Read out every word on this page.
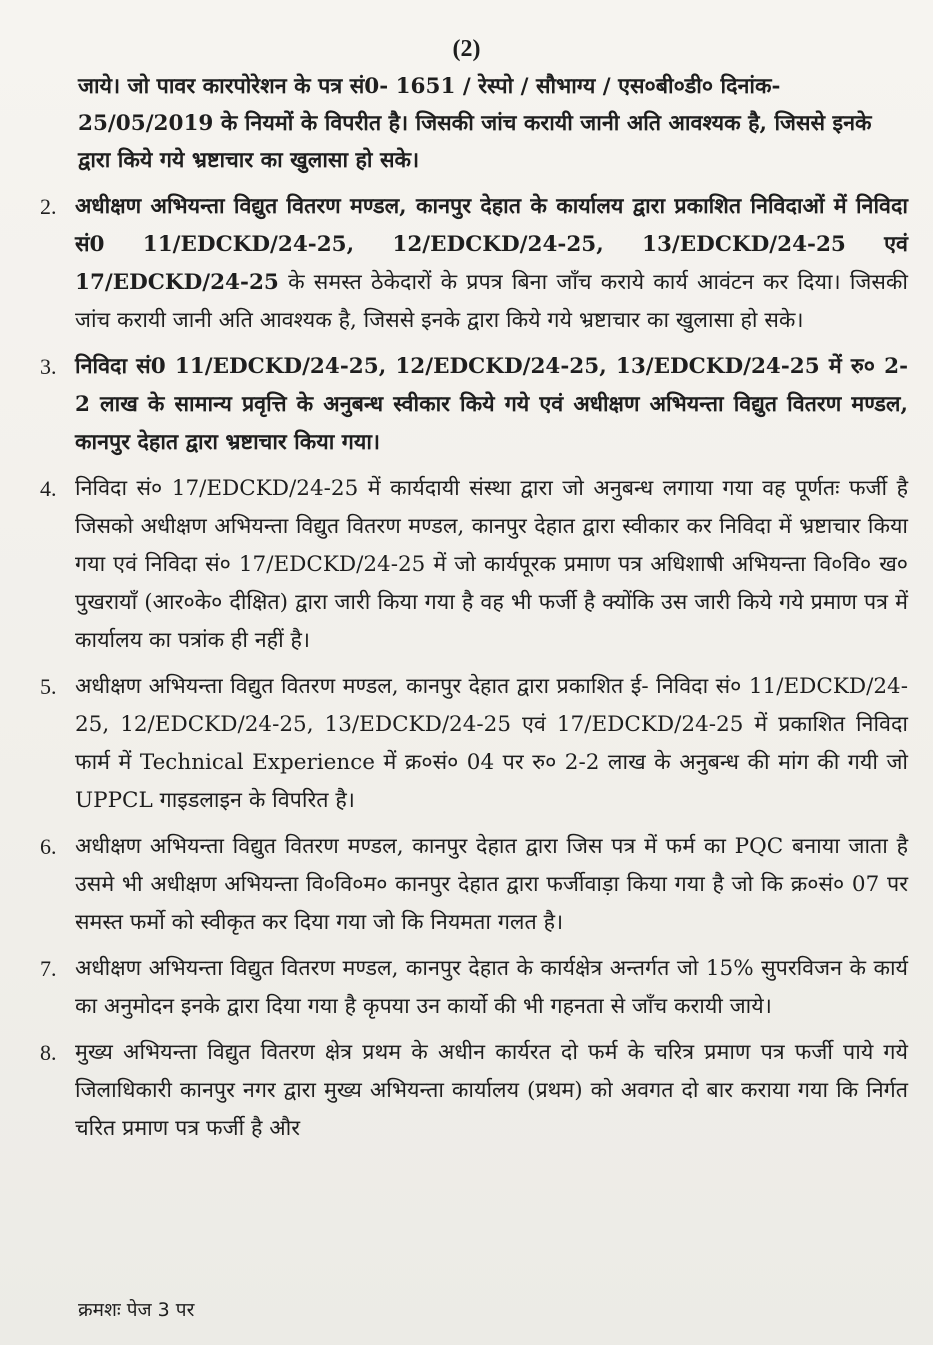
(2)
जाये। जो पावर कारपोरेशन के पत्र सं0- 1651 / रेस्पो / सौभाग्य / एस०बी०डी० दिनांक- 25/05/2019 के नियमों के विपरीत है। जिसकी जांच करायी जानी अति आवश्यक है, जिससे इनके द्वारा किये गये भ्रष्टाचार का खुलासा हो सके।
2. अधीक्षण अभियन्ता विद्युत वितरण मण्डल, कानपुर देहात के कार्यालय द्वारा प्रकाशित निविदाओं में निविदा सं0 11/EDCKD/24-25, 12/EDCKD/24-25, 13/EDCKD/24-25 एवं 17/EDCKD/24-25 के समस्त ठेकेदारों के प्रपत्र बिना जाँच कराये कार्य आवंटन कर दिया। जिसकी जांच करायी जानी अति आवश्यक है, जिससे इनके द्वारा किये गये भ्रष्टाचार का खुलासा हो सके।
3. निविदा सं0 11/EDCKD/24-25, 12/EDCKD/24-25, 13/EDCKD/24-25 में रु० 2-2 लाख के सामान्य प्रवृत्ति के अनुबन्ध स्वीकार किये गये एवं अधीक्षण अभियन्ता विद्युत वितरण मण्डल, कानपुर देहात द्वारा भ्रष्टाचार किया गया।
4. निविदा सं० 17/EDCKD/24-25 में कार्यदायी संस्था द्वारा जो अनुबन्ध लगाया गया वह पूर्णतः फर्जी है जिसको अधीक्षण अभियन्ता विद्युत वितरण मण्डल, कानपुर देहात द्वारा स्वीकार कर निविदा में भ्रष्टाचार किया गया एवं निविदा सं० 17/EDCKD/24-25 में जो कार्यपूरक प्रमाण पत्र अधिशाषी अभियन्ता वि०वि० ख० पुखरायाँ (आर०के० दीक्षित) द्वारा जारी किया गया है वह भी फर्जी है क्योंकि उस जारी किये गये प्रमाण पत्र में कार्यालय का पत्रांक ही नहीं है।
5. अधीक्षण अभियन्ता विद्युत वितरण मण्डल, कानपुर देहात द्वारा प्रकाशित ई- निविदा सं० 11/EDCKD/24-25, 12/EDCKD/24-25, 13/EDCKD/24-25 एवं 17/EDCKD/24-25 में प्रकाशित निविदा फार्म में Technical Experience में क्र०सं० 04 पर रु० 2-2 लाख के अनुबन्ध की मांग की गयी जो UPPCL गाइडलाइन के विपरित है।
6. अधीक्षण अभियन्ता विद्युत वितरण मण्डल, कानपुर देहात द्वारा जिस पत्र में फर्म का PQC बनाया जाता है उसमे भी अधीक्षण अभियन्ता वि०वि०म० कानपुर देहात द्वारा फर्जीवाड़ा किया गया है जो कि क्र०सं० 07 पर समस्त फर्मो को स्वीकृत कर दिया गया जो कि नियमता गलत है।
7. अधीक्षण अभियन्ता विद्युत वितरण मण्डल, कानपुर देहात के कार्यक्षेत्र अन्तर्गत जो 15% सुपरविजन के कार्य का अनुमोदन इनके द्वारा दिया गया है कृपया उन कार्यो की भी गहनता से जाँच करायी जाये।
8. मुख्य अभियन्ता विद्युत वितरण क्षेत्र प्रथम के अधीन कार्यरत दो फर्म के चरित्र प्रमाण पत्र फर्जी पाये गये जिलाधिकारी कानपुर नगर द्वारा मुख्य अभियन्ता कार्यालय (प्रथम) को अवगत दो बार कराया गया कि निर्गत चरित प्रमाण पत्र फर्जी है और
क्रमशः पेज 3 पर
